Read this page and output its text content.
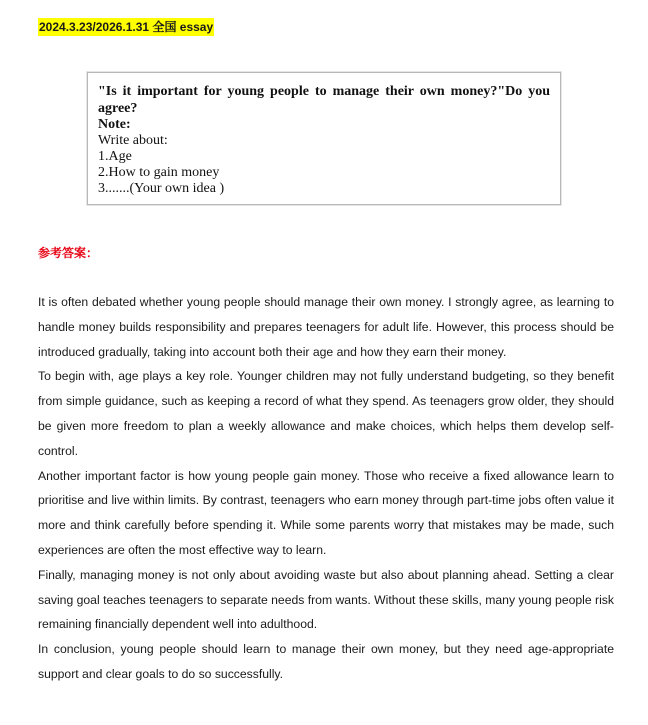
2024.3.23/2026.1.31 全国 essay
"Is it important for young people to manage their own money?"Do you agree?
Note:
Write about:
1.Age
2.How to gain money
3.......(Your own idea )
参考答案：

It is often debated whether young people should manage their own money. I strongly agree, as learning to handle money builds responsibility and prepares teenagers for adult life. However, this process should be introduced gradually, taking into account both their age and how they earn their money.

To begin with, age plays a key role. Younger children may not fully understand budgeting, so they benefit from simple guidance, such as keeping a record of what they spend. As teenagers grow older, they should be given more freedom to plan a weekly allowance and make choices, which helps them develop self-control.

Another important factor is how young people gain money. Those who receive a fixed allowance learn to prioritise and live within limits. By contrast, teenagers who earn money through part-time jobs often value it more and think carefully before spending it. While some parents worry that mistakes may be made, such experiences are often the most effective way to learn.

Finally, managing money is not only about avoiding waste but also about planning ahead. Setting a clear saving goal teaches teenagers to separate needs from wants. Without these skills, many young people risk remaining financially dependent well into adulthood.

In conclusion, young people should learn to manage their own money, but they need age-appropriate support and clear goals to do so successfully.
